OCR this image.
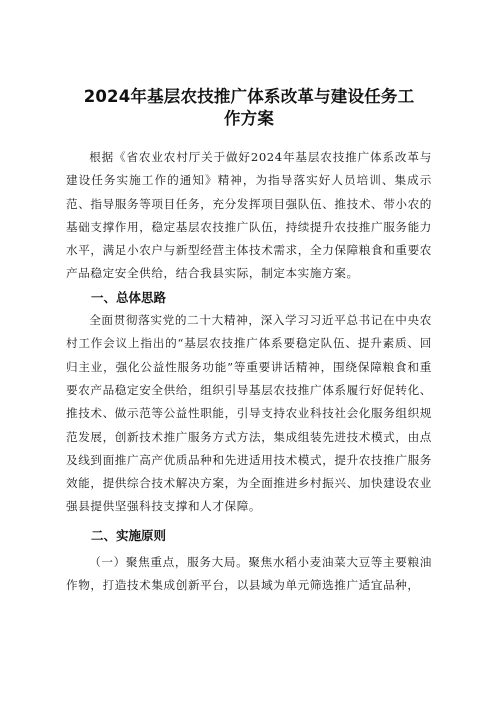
2024年基层农技推广体系改革与建设任务工
作方案

根据《省农业农村厅关于做好2024年基层农技推广体系改革与建设任务实施工作的通知》精神，为指导落实好人员培训、集成示范、指导服务等项目任务，充分发挥项目强队伍、推技术、带小农的基础支撑作用，稳定基层农技推广队伍，持续提升农技推广服务能力水平，满足小农户与新型经营主体技术需求，全力保障粮食和重要农产品稳定安全供给，结合我县实际，制定本实施方案。

一、总体思路

全面贯彻落实党的二十大精神，深入学习习近平总书记在中央农村工作会议上指出的“基层农技推广体系要稳定队伍、提升素质、回归主业，强化公益性服务功能”等重要讲话精神，围绕保障粮食和重要农产品稳定安全供给，组织引导基层农技推广体系履行好促转化、推技术、做示范等公益性职能，引导支持农业科技社会化服务组织规范发展，创新技术推广服务方式方法，集成组装先进技术模式，由点及线到面推广高产优质品种和先进适用技术模式，提升农技推广服务效能，提供综合技术解决方案，为全面推进乡村振兴、加快建设农业强县提供坚强科技支撑和人才保障。

二、实施原则

（一）聚焦重点，服务大局。聚焦水稻小麦油菜大豆等主要粮油作物，打造技术集成创新平台，以县域为单元筛选推广适宜品种，
